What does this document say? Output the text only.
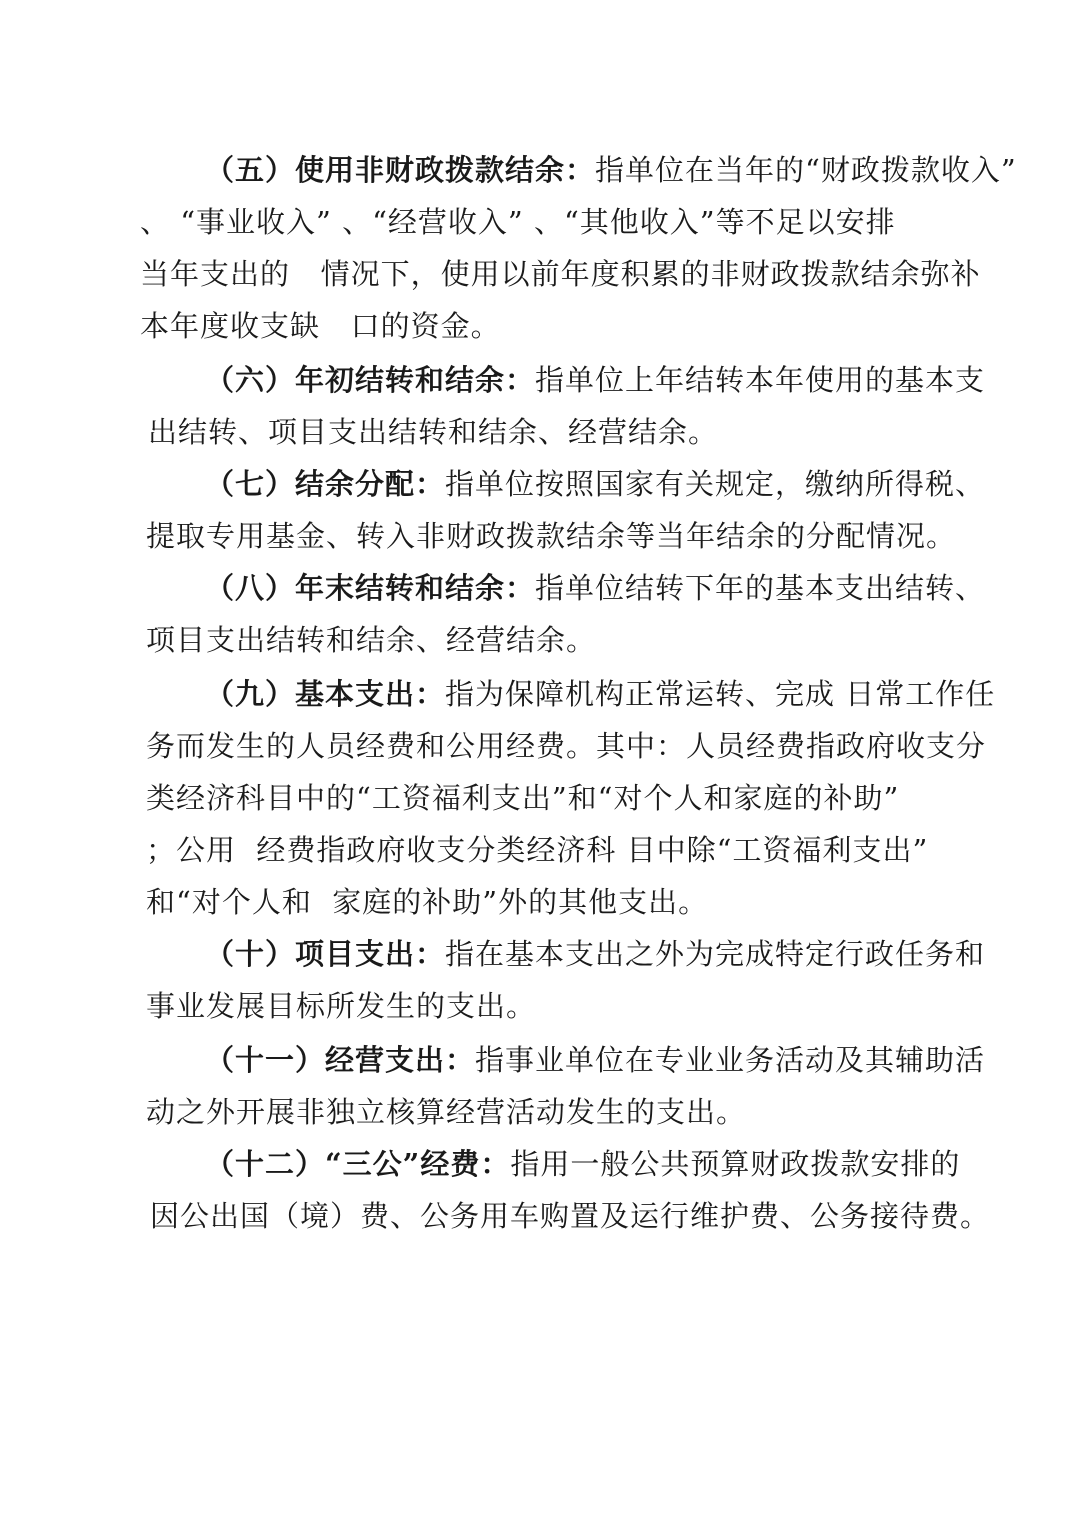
（五）使用非财政拨款结余：指单位在当年的“财政拨款收入”
、 “事业收入” 、“经营收入” 、“其他收入”等不足以安排
当年支出的   情况下，使用以前年度积累的非财政拨款结余弥补
本年度收支缺   口的资金。
（六）年初结转和结余：指单位上年结转本年使用的基本支
出结转、项目支出结转和结余、经营结余。
（七）结余分配：指单位按照国家有关规定，缴纳所得税、
提取专用基金、转入非财政拨款结余等当年结余的分配情况。
（八）年末结转和结余：指单位结转下年的基本支出结转、
项目支出结转和结余、经营结余。
（九）基本支出：指为保障机构正常运转、完成 日常工作任
务而发生的人员经费和公用经费。其中：人员经费指政府收支分
类经济科目中的“工资福利支出”和“对个人和家庭的补助”
；公用  经费指政府收支分类经济科 目中除“工资福利支出”
和“对个人和  家庭的补助”外的其他支出。
（十）项目支出：指在基本支出之外为完成特定行政任务和
事业发展目标所发生的支出。
（十一）经营支出：指事业单位在专业业务活动及其辅助活
动之外开展非独立核算经营活动发生的支出。
（十二）“三公”经费：指用一般公共预算财政拨款安排的
因公出国（境）费、公务用车购置及运行维护费、公务接待费。
